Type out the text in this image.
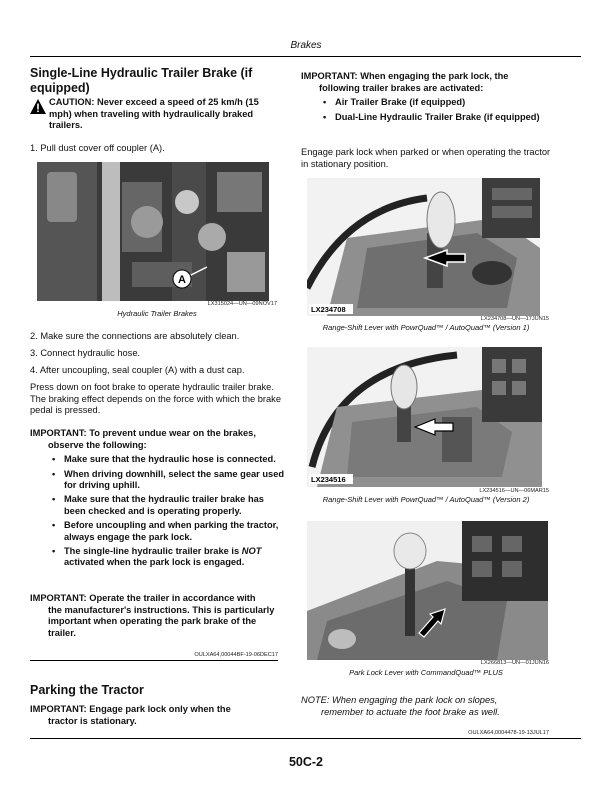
Brakes
Single-Line Hydraulic Trailer Brake (if equipped)
CAUTION: Never exceed a speed of 25 km/h (15 mph) when traveling with hydraulically braked trailers.
1. Pull dust cover off coupler (A).
A
LX315024—UN—09NOV17
Hydraulic Trailer Brakes
2. Make sure the connections are absolutely clean.
3. Connect hydraulic hose.
4. After uncoupling, seal coupler (A) with a dust cap.
Press down on foot brake to operate hydraulic trailer brake. The braking effect depends on the force with which the brake pedal is pressed.
IMPORTANT: To prevent undue wear on the brakes,
observe the following:
• Make sure that the hydraulic hose is connected.
• When driving downhill, select the same gear used for driving uphill.
• Make sure that the hydraulic trailer brake has been checked and is operating properly.
• Before uncoupling and when parking the tractor, always engage the park lock.
• The single-line hydraulic trailer brake is NOT activated when the park lock is engaged.
IMPORTANT: Operate the trailer in accordance with
the manufacturer's instructions. This is particularly important when operating the park brake of the trailer.
OULXA64,00044BF-19-06DEC17
Parking the Tractor
IMPORTANT: Engage park lock only when the
tractor is stationary.
IMPORTANT: When engaging the park lock, the
following trailer brakes are activated:
• Air Trailer Brake (if equipped)
• Dual-Line Hydraulic Trailer Brake (if equipped)
Engage park lock when parked or when operating the tractor in stationary position.
LX234708
LX234708—UN—17JUN15
Range-Shift Lever with PowrQuad™ / AutoQuad™ (Version 1)
LX234516
LX234516—UN—06MAR15
Range-Shift Lever with PowrQuad™ / AutoQuad™ (Version 2)
LX266813—UN—01JUN16
Park Lock Lever with CommandQuad™ PLUS
NOTE: When engaging the park lock on slopes,
remember to actuate the foot brake as well.
OULXA64,0004478-19-13JUL17
50C-2
